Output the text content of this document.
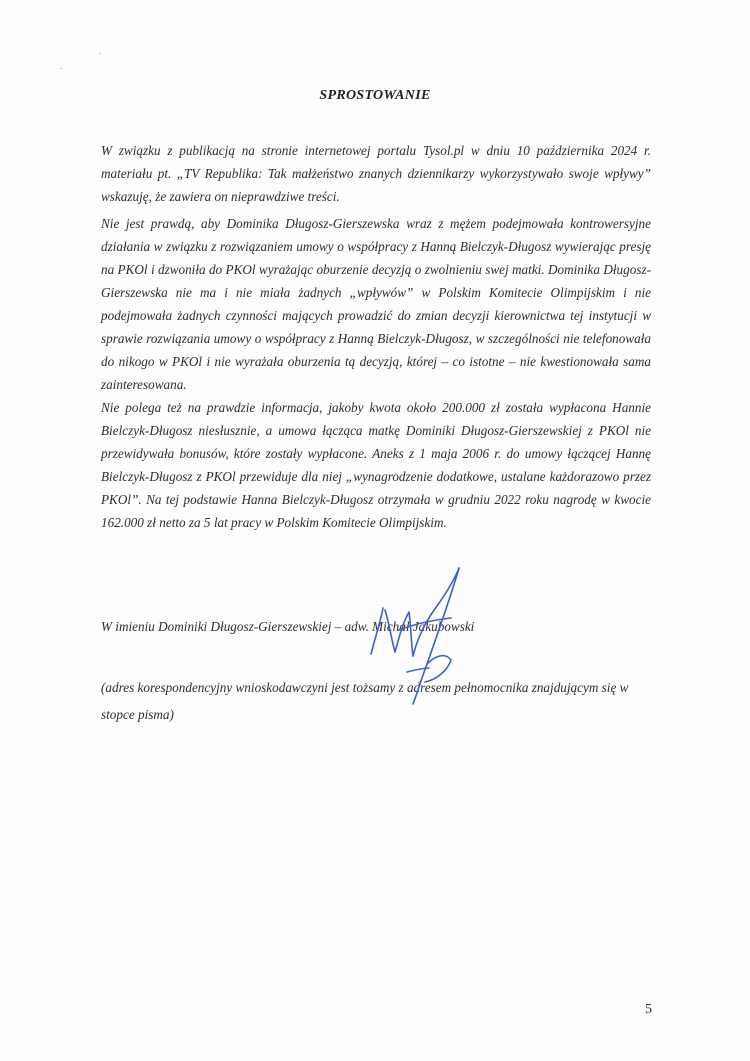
SPROSTOWANIE

W związku z publikacją na stronie internetowej portalu Tysol.pl w dniu 10 października 2024 r. materiału pt. „TV Republika: Tak małżeństwo znanych dziennikarzy wykorzystywało swoje wpływy” wskazuję, że zawiera on nieprawdziwe treści.

Nie jest prawdą, aby Dominika Długosz-Gierszewska wraz z mężem podejmowała kontrowersyjne działania w związku z rozwiązaniem umowy o współpracy z Hanną Bielczyk-Długosz wywierając presję na PKOl i dzwoniła do PKOl wyrażając oburzenie decyzją o zwolnieniu swej matki. Dominika Długosz-Gierszewska nie ma i nie miała żadnych „wpływów” w Polskim Komitecie Olimpijskim i nie podejmowała żadnych czynności mających prowadzić do zmian decyzji kierownictwa tej instytucji w sprawie rozwiązania umowy o współpracy z Hanną Bielczyk-Długosz, w szczególności nie telefonowała do nikogo w PKOl i nie wyrażała oburzenia tą decyzją, której – co istotne – nie kwestionowała sama zainteresowana.

Nie polega też na prawdzie informacja, jakoby kwota około 200.000 zł została wypłacona Hannie Bielczyk-Długosz niesłusznie, a umowa łącząca matkę Dominiki Długosz-Gierszewskiej z PKOl nie przewidywała bonusów, które zostały wypłacone. Aneks z 1 maja 2006 r. do umowy łączącej Hannę Bielczyk-Długosz z PKOl przewiduje dla niej „wynagrodzenie dodatkowe, ustalane każdorazowo przez PKOl”. Na tej podstawie Hanna Bielczyk-Długosz otrzymała w grudniu 2022 roku nagrodę w kwocie 162.000 zł netto za 5 lat pracy w Polskim Komitecie Olimpijskim.

W imieniu Dominiki Długosz-Gierszewskiej – adw. Michał Jakubowski
(adres korespondencyjny wnioskodawczyni jest tożsamy z adresem pełnomocnika znajdującym się w stopce pisma)
5
